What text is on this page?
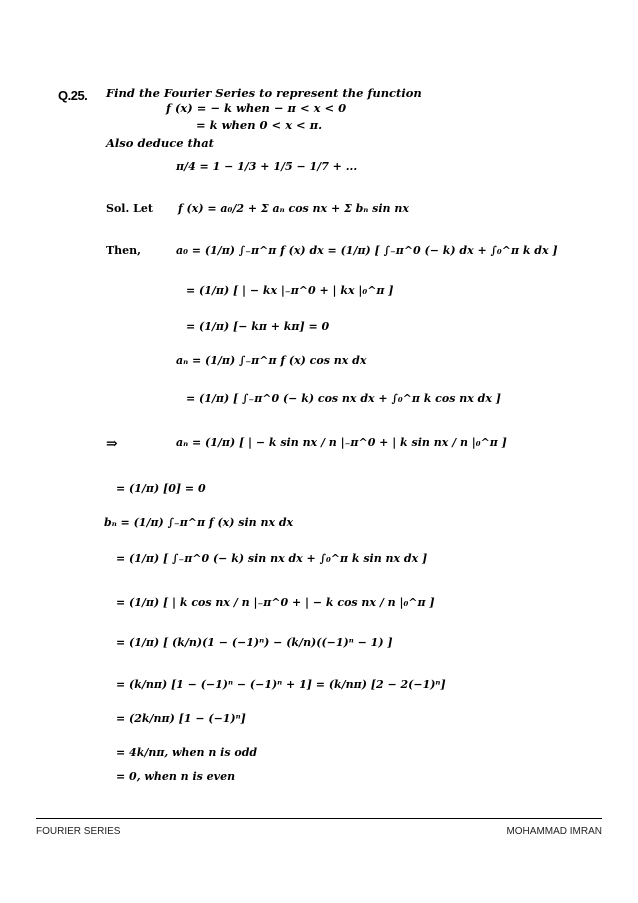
Q.25. Find the Fourier Series to represent the function
f (x) = − k when − π < x < 0
= k when 0 < x < π.
Also deduce that
π/4 = 1 − 1/3 + 1/5 − 1/7 + ...
Sol. Let f (x) = a₀/2 + Σ aₙ cos nx + Σ bₙ sin nx
Then,	a₀ = (1/π) ∫₋π^π f (x) dx = (1/π) [ ∫₋π^0 (− k) dx + ∫₀^π k dx ]
= (1/π) [ | − kx |₋π^0 + | kx |₀^π ]
= (1/π) [− kπ + kπ] = 0
aₙ = (1/π) ∫₋π^π f (x) cos nx dx
= (1/π) [ ∫₋π^0 (− k) cos nx dx + ∫₀^π k cos nx dx ]
⇒	aₙ = (1/π) [ | − k sin nx / n |₋π^0 + | k sin nx / n |₀^π ]
= (1/π) [0] = 0
bₙ = (1/π) ∫₋π^π f (x) sin nx dx
= (1/π) [ ∫₋π^0 (− k) sin nx dx + ∫₀^π k sin nx dx ]
= (1/π) [ | k cos nx / n |₋π^0 + | − k cos nx / n |₀^π ]
= (1/π) [ (k/n)(1 − (−1)ⁿ) − (k/n)((−1)ⁿ − 1) ]
= (k/nπ) [1 − (−1)ⁿ − (−1)ⁿ + 1] = (k/nπ) [2 − 2(−1)ⁿ]
= (2k/nπ) [1 − (−1)ⁿ]
= 4k/nπ, when n is odd
= 0, when n is even
FOURIER SERIES	MOHAMMAD IMRAN
